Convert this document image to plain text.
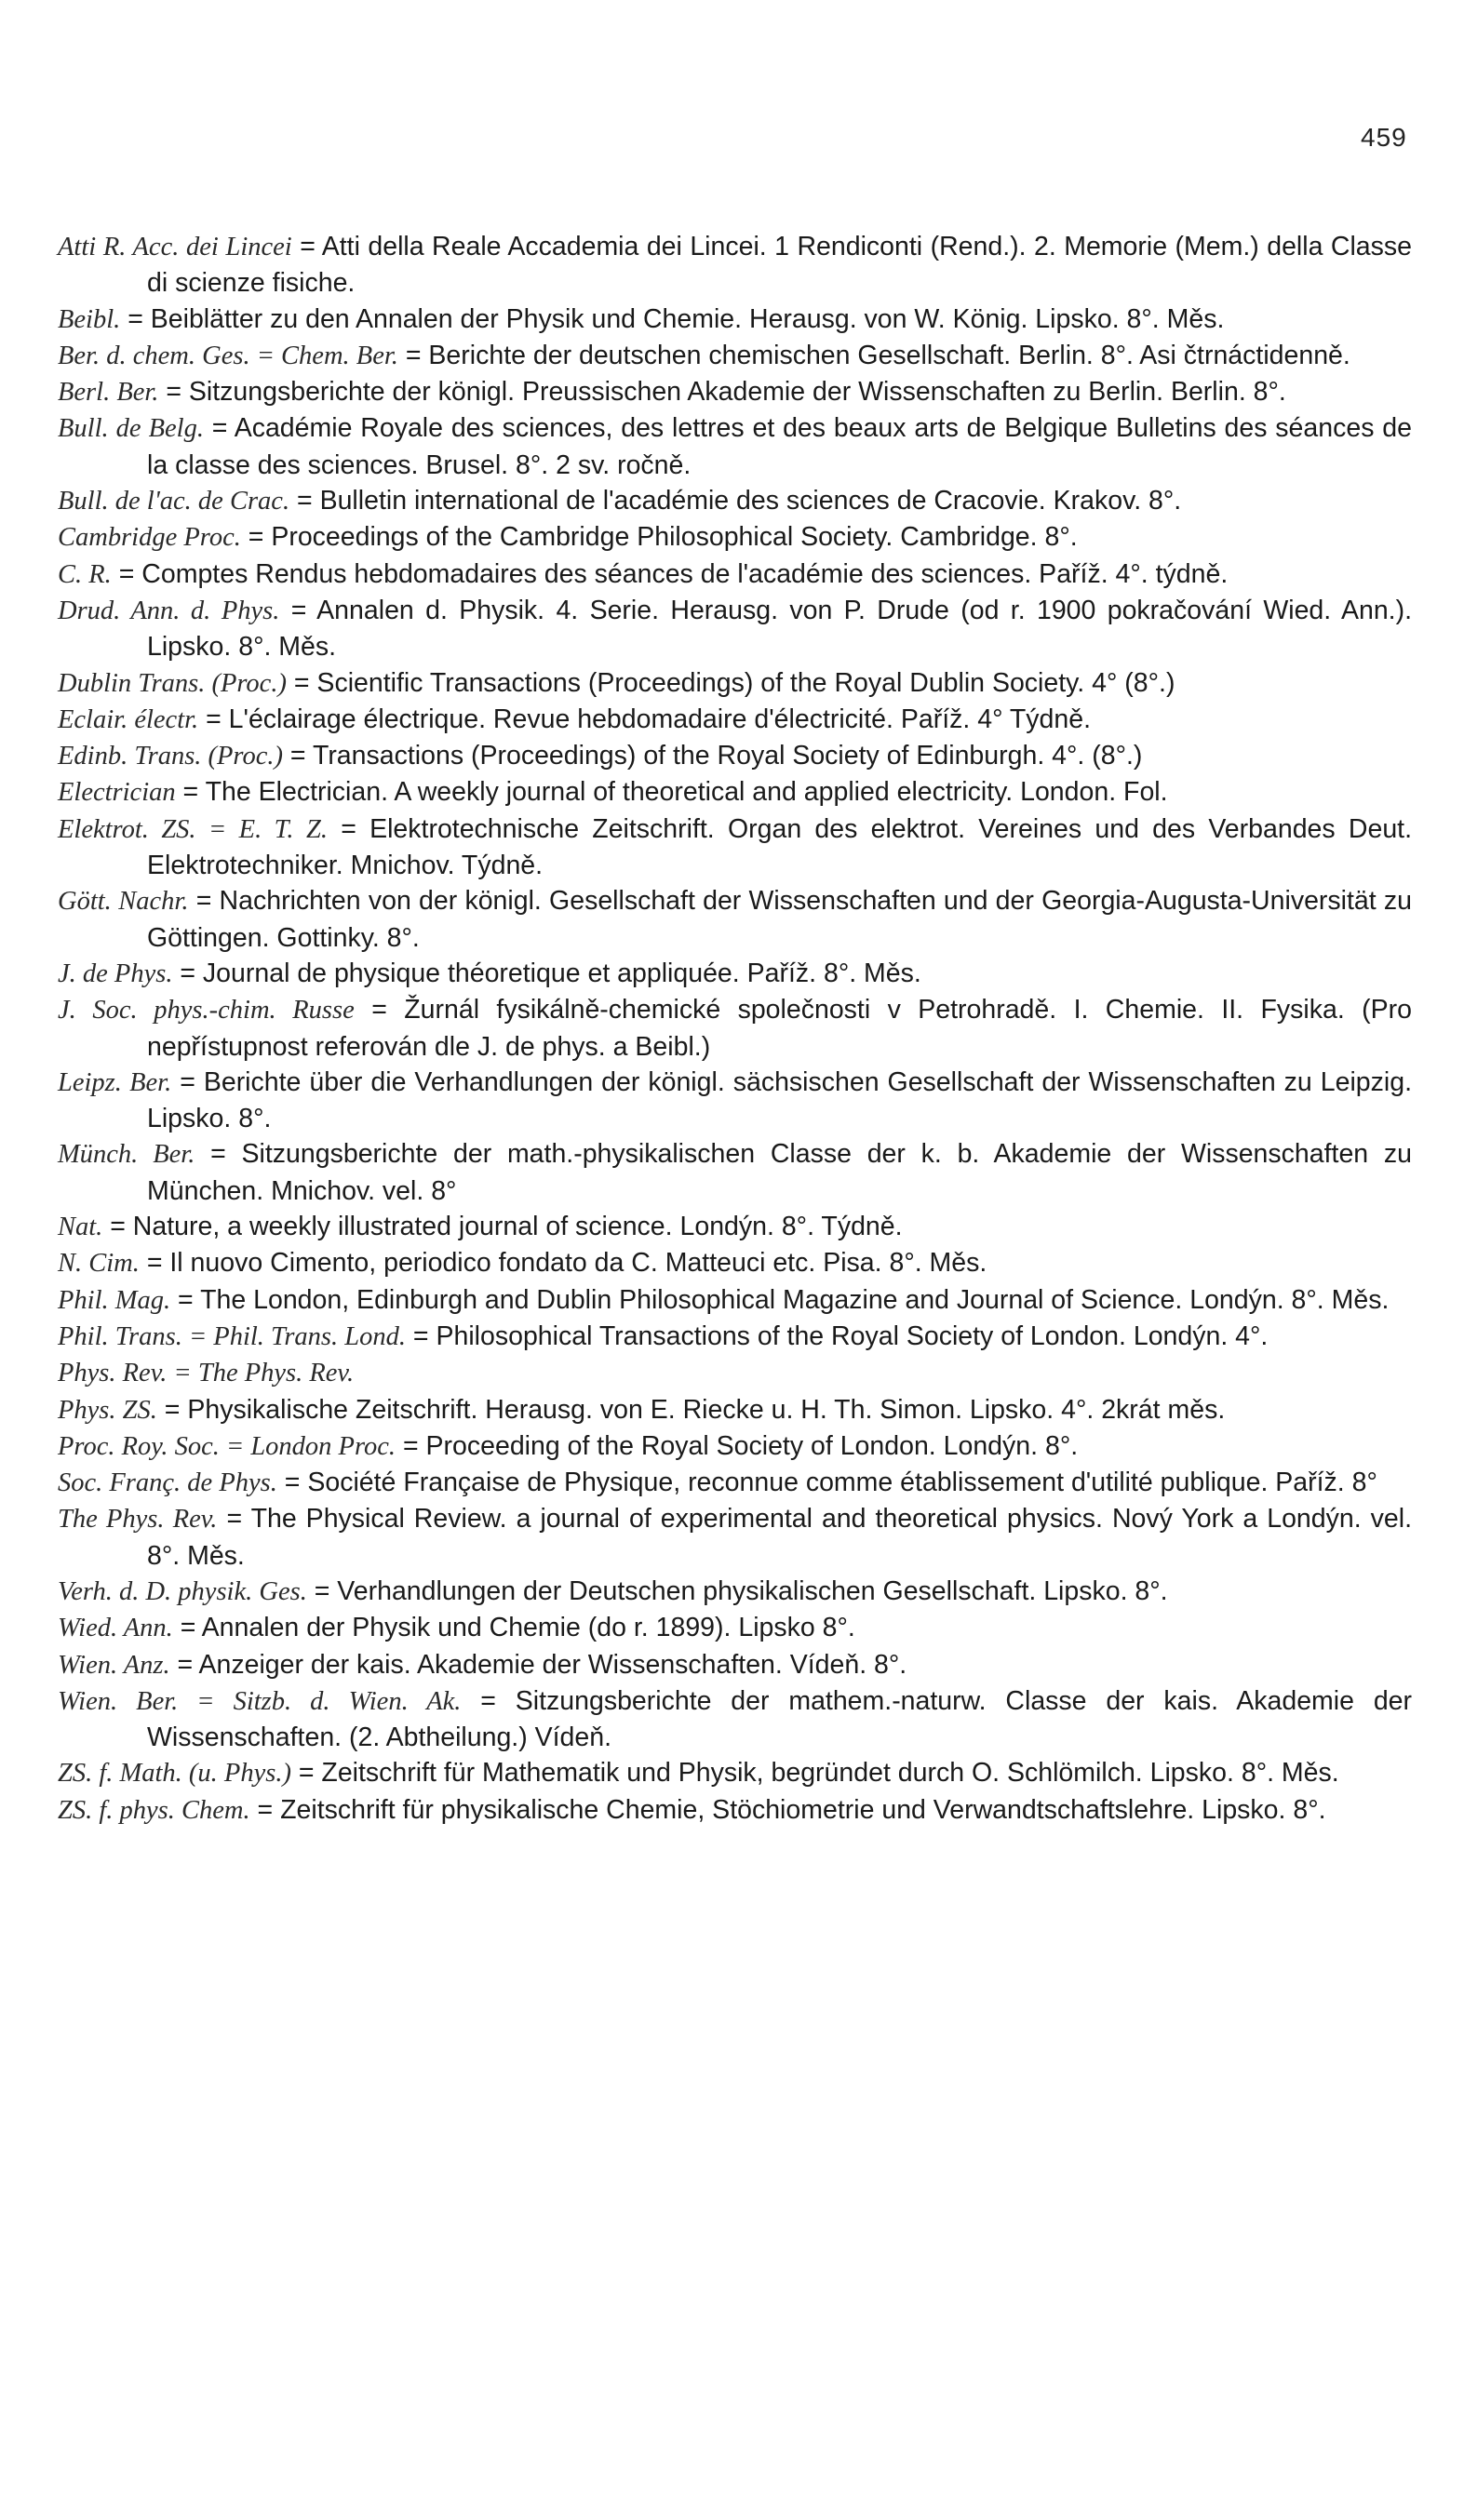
459

Atti R. Acc. dei Lincei = Atti della Reale Accademia dei Lincei. 1 Rendiconti (Rend.). 2. Memorie (Mem.) della Classe di scienze fisiche.

Beibl. = Beiblätter zu den Annalen der Physik und Chemie. Herausg. von W. König. Lipsko. 8°. Měs.

Ber. d. chem. Ges. = Chem. Ber. = Berichte der deutschen chemischen Gesellschaft. Berlin. 8°. Asi čtrnáctidenně.

Berl. Ber. = Sitzungsberichte der königl. Preussischen Akademie der Wissenschaften zu Berlin. Berlin. 8°.

Bull. de Belg. = Académie Royale des sciences, des lettres et des beaux arts de Belgique Bulletins des séances de la classe des sciences. Brusel. 8°. 2 sv. ročně.

Bull. de l'ac. de Crac. = Bulletin international de l'académie des sciences de Cracovie. Krakov. 8°.

Cambridge Proc. = Proceedings of the Cambridge Philosophical Society. Cambridge. 8°.

C. R. = Comptes Rendus hebdomadaires des séances de l'académie des sciences. Paříž. 4°. týdně.

Drud. Ann. d. Phys. = Annalen d. Physik. 4. Serie. Herausg. von P. Drude (od r. 1900 pokračování Wied. Ann.). Lipsko. 8°. Měs.

Dublin Trans. (Proc.) = Scientific Transactions (Proceedings) of the Royal Dublin Society. 4° (8°.)

Eclair. électr. = L'éclairage électrique. Revue hebdomadaire d'électricité. Paříž. 4° Týdně.

Edinb. Trans. (Proc.) = Transactions (Proceedings) of the Royal Society of Edinburgh. 4°. (8°.)

Electrician = The Electrician. A weekly journal of theoretical and applied electricity. London. Fol.

Elektrot. ZS. = E. T. Z. = Elektrotechnische Zeitschrift. Organ des elektrot. Vereines und des Verbandes Deut. Elektrotechniker. Mnichov. Týdně.

Gött. Nachr. = Nachrichten von der königl. Gesellschaft der Wissenschaften und der Georgia-Augusta-Universität zu Göttingen. Gottinky. 8°.

J. de Phys. = Journal de physique théoretique et appliquée. Paříž. 8°. Měs.

J. Soc. phys.-chim. Russe = Žurnál fysikálně-chemické společnosti v Petrohradě. I. Chemie. II. Fysika. (Pro nepřístupnost referován dle J. de phys. a Beibl.)

Leipz. Ber. = Berichte über die Verhandlungen der königl. sächsischen Gesellschaft der Wissenschaften zu Leipzig. Lipsko. 8°.

Münch. Ber. = Sitzungsberichte der math.-physikalischen Classe der k. b. Akademie der Wissenschaften zu München. Mnichov. vel. 8°

Nat. = Nature, a weekly illustrated journal of science. Londýn. 8°. Týdně.

N. Cim. = Il nuovo Cimento, periodico fondato da C. Matteuci etc. Pisa. 8°. Měs.

Phil. Mag. = The London, Edinburgh and Dublin Philosophical Magazine and Journal of Science. Londýn. 8°. Měs.

Phil. Trans. = Phil. Trans. Lond. = Philosophical Transactions of the Royal Society of London. Londýn. 4°.

Phys. Rev. = The Phys. Rev.

Phys. ZS. = Physikalische Zeitschrift. Herausg. von E. Riecke u. H. Th. Simon. Lipsko. 4°. 2krát měs.

Proc. Roy. Soc. = London Proc. = Proceeding of the Royal Society of London. Londýn. 8°.

Soc. Franç. de Phys. = Société Française de Physique, reconnue comme établissement d'utilité publique. Paříž. 8°

The Phys. Rev. = The Physical Review. a journal of experimental and theoretical physics. Nový York a Londýn. vel. 8°. Měs.

Verh. d. D. physik. Ges. = Verhandlungen der Deutschen physikalischen Gesellschaft. Lipsko. 8°.

Wied. Ann. = Annalen der Physik und Chemie (do r. 1899). Lipsko 8°.

Wien. Anz. = Anzeiger der kais. Akademie der Wissenschaften. Vídeň. 8°.

Wien. Ber. = Sitzb. d. Wien. Ak. = Sitzungsberichte der mathem.-naturw. Classe der kais. Akademie der Wissenschaften. (2. Abtheilung.) Vídeň.

ZS. f. Math. (u. Phys.) = Zeitschrift für Mathematik und Physik, begründet durch O. Schlömilch. Lipsko. 8°. Měs.

ZS. f. phys. Chem. = Zeitschrift für physikalische Chemie, Stöchiometrie und Verwandtschaftslehre. Lipsko. 8°.
